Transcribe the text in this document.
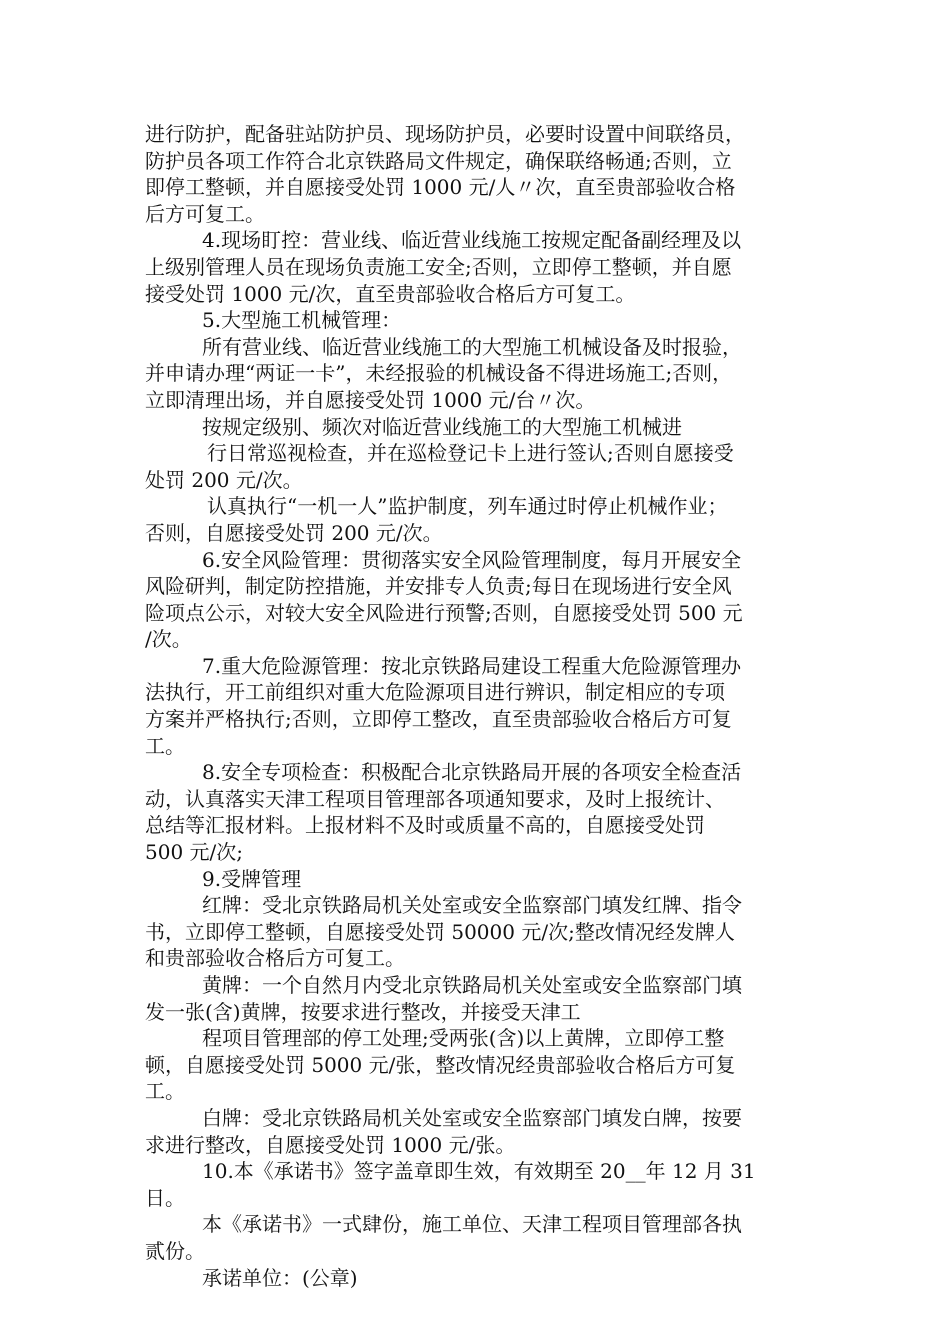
进行防护，配备驻站防护员、现场防护员，必要时设置中间联络员，
防护员各项工作符合北京铁路局文件规定，确保联络畅通;否则，立
即停工整顿，并自愿接受处罚 1000 元/人〃次，直至贵部验收合格
后方可复工。
4.现场盯控：营业线、临近营业线施工按规定配备副经理及以
上级别管理人员在现场负责施工安全;否则，立即停工整顿，并自愿
接受处罚 1000 元/次，直至贵部验收合格后方可复工。
5.大型施工机械管理：
所有营业线、临近营业线施工的大型施工机械设备及时报验，
并申请办理“两证一卡”，未经报验的机械设备不得进场施工;否则，
立即清理出场，并自愿接受处罚 1000 元/台〃次。
按规定级别、频次对临近营业线施工的大型施工机械进
行日常巡视检查，并在巡检登记卡上进行签认;否则自愿接受
处罚 200 元/次。
认真执行“一机一人”监护制度，列车通过时停止机械作业；
否则，自愿接受处罚 200 元/次。
6.安全风险管理：贯彻落实安全风险管理制度，每月开展安全
风险研判，制定防控措施，并安排专人负责;每日在现场进行安全风
险项点公示，对较大安全风险进行预警;否则，自愿接受处罚 500 元
/次。
7.重大危险源管理：按北京铁路局建设工程重大危险源管理办
法执行，开工前组织对重大危险源项目进行辨识，制定相应的专项
方案并严格执行;否则，立即停工整改，直至贵部验收合格后方可复
工。
8.安全专项检查：积极配合北京铁路局开展的各项安全检查活
动，认真落实天津工程项目管理部各项通知要求，及时上报统计、
总结等汇报材料。上报材料不及时或质量不高的，自愿接受处罚
500 元/次;
9.受牌管理
红牌：受北京铁路局机关处室或安全监察部门填发红牌、指令
书，立即停工整顿，自愿接受处罚 50000 元/次;整改情况经发牌人
和贵部验收合格后方可复工。
黄牌：一个自然月内受北京铁路局机关处室或安全监察部门填
发一张(含)黄牌，按要求进行整改，并接受天津工
程项目管理部的停工处理;受两张(含)以上黄牌，立即停工整
顿，自愿接受处罚 5000 元/张，整改情况经贵部验收合格后方可复
工。
白牌：受北京铁路局机关处室或安全监察部门填发白牌，按要
求进行整改，自愿接受处罚 1000 元/张。
10.本《承诺书》签字盖章即生效，有效期至 20__年 12 月 31
日。
本《承诺书》一式肆份，施工单位、天津工程项目管理部各执
贰份。
承诺单位：(公章)
